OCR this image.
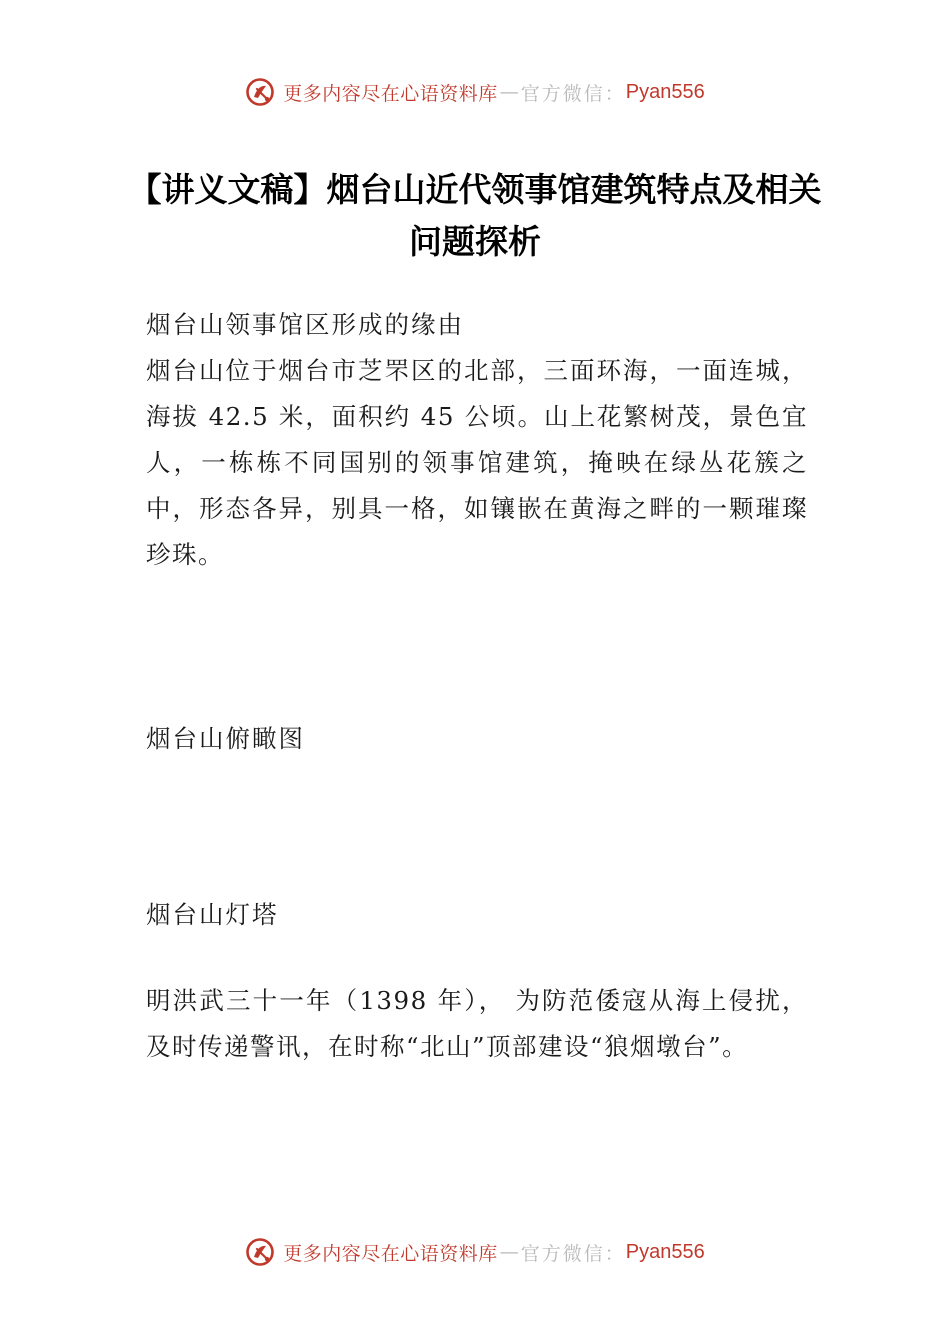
更多内容尽在心语资料库 — 官方微信： Pyan556
【讲义文稿】烟台山近代领事馆建筑特点及相关问题探析

烟台山领事馆区形成的缘由

烟台山位于烟台市芝罘区的北部，三面环海，一面连城，海拔 42.5 米，面积约 45 公顷。山上花繁树茂，景色宜人，一栋栋不同国别的领事馆建筑，掩映在绿丛花簇之中，形态各异，别具一格，如镶嵌在黄海之畔的一颗璀璨珍珠。

烟台山俯瞰图

烟台山灯塔

明洪武三十一年（1398 年）， 为防范倭寇从海上侵扰，及时传递警讯，在时称“北山”顶部建设“狼烟墩台”。

更多内容尽在心语资料库 — 官方微信： Pyan556
